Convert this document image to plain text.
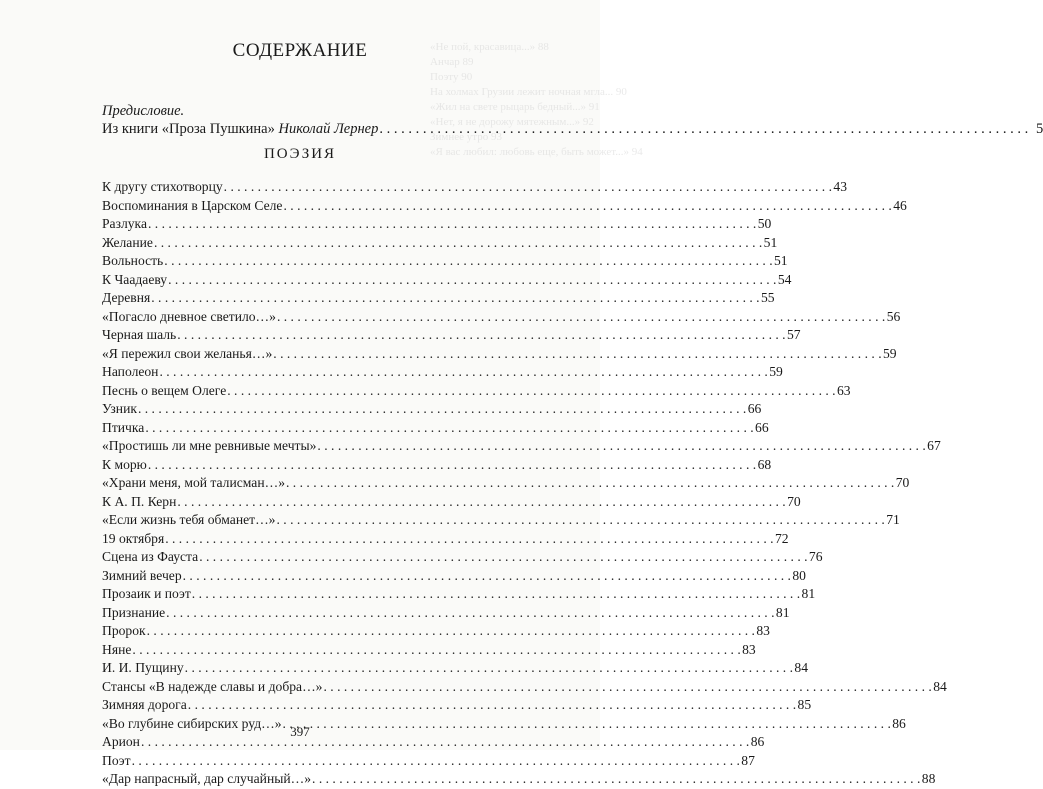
«Не пой, красавица...» 88
Анчар 89
Поэту 90
На холмах Грузии лежит ночная мгла... 90
«Жил на свете рыцарь бедный...» 91
«Нет, я не дорожу мятежным...» 92
Зимнее утро 93
«Я вас любил: любовь еще, быть может...» 94
СОДЕРЖАНИЕ
Предисловие.
Из книги «Проза Пушкина» Николай Лернер . . .	5
ПОЭЗИЯ
К другу стихотворцу . . .	43
Воспоминания в Царском Селе . . .	46
Разлука . . .	50
Желание . . .	51
Вольность . . .	51
К Чаадаеву . . .	54
Деревня . . .	55
«Погасло дневное светило…» . . .	56
Черная шаль . . .	57
«Я пережил свои желанья…» . . .	59
Наполеон . . .	59
Песнь о вещем Олеге . . .	63
Узник . . .	66
Птичка . . .	66
«Простишь ли мне ревнивые мечты» . . .	67
К морю . . .	68
«Храни меня, мой талисман…» . . .	70
К А. П. Керн . . .	70
«Если жизнь тебя обманет…» . . .	71
19 октября . . .	72
Сцена из Фауста . . .	76
Зимний вечер . . .	80
Прозаик и поэт . . .	81
Признание . . .	81
Пророк . . .	83
Няне . . .	83
И. И. Пущину . . .	84
Стансы «В надежде славы и добра…» . . .	84
Зимняя дорога . . .	85
«Во глубине сибирских руд…» . . .	86
Арион . . .	86
Поэт . . .	87
«Дар напрасный, дар случайный…» . . .	88
397
